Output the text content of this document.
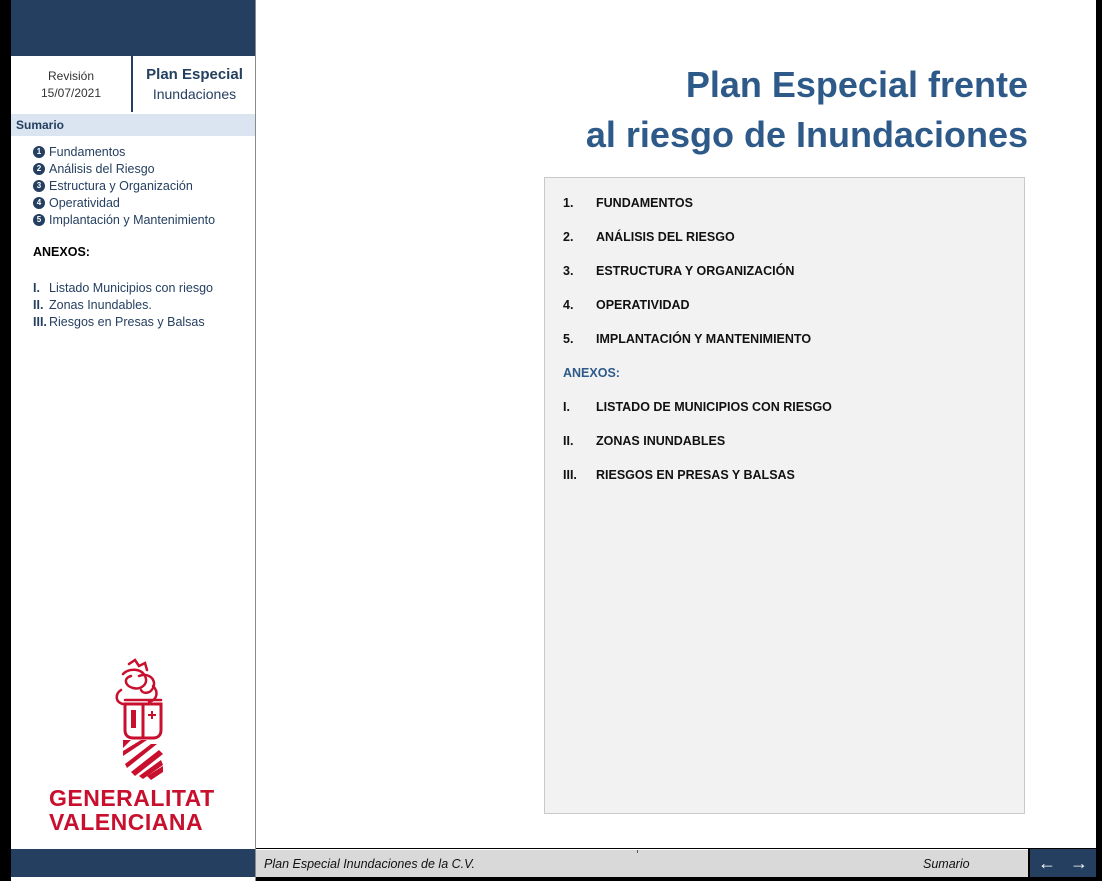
Revisión
15/07/2021
Plan Especial
Inundaciones
Sumario
1 Fundamentos
2 Análisis del Riesgo
3 Estructura y Organización
4 Operatividad
5 Implantación y Mantenimiento
ANEXOS:
I. Listado Municipios con riesgo
II. Zonas Inundables.
III. Riesgos en Presas y Balsas
GENERALITAT
VALENCIANA
Plan Especial frente
al riesgo de Inundaciones
1.	FUNDAMENTOS
2.	ANÁLISIS DEL RIESGO
3.	ESTRUCTURA Y ORGANIZACIÓN
4.	OPERATIVIDAD
5.	IMPLANTACIÓN Y MANTENIMIENTO
ANEXOS:
I.	LISTADO DE MUNICIPIOS CON RIESGO
II.	ZONAS INUNDABLES
III.	RIESGOS EN PRESAS Y BALSAS
Plan Especial Inundaciones de la C.V.	Sumario	← →
